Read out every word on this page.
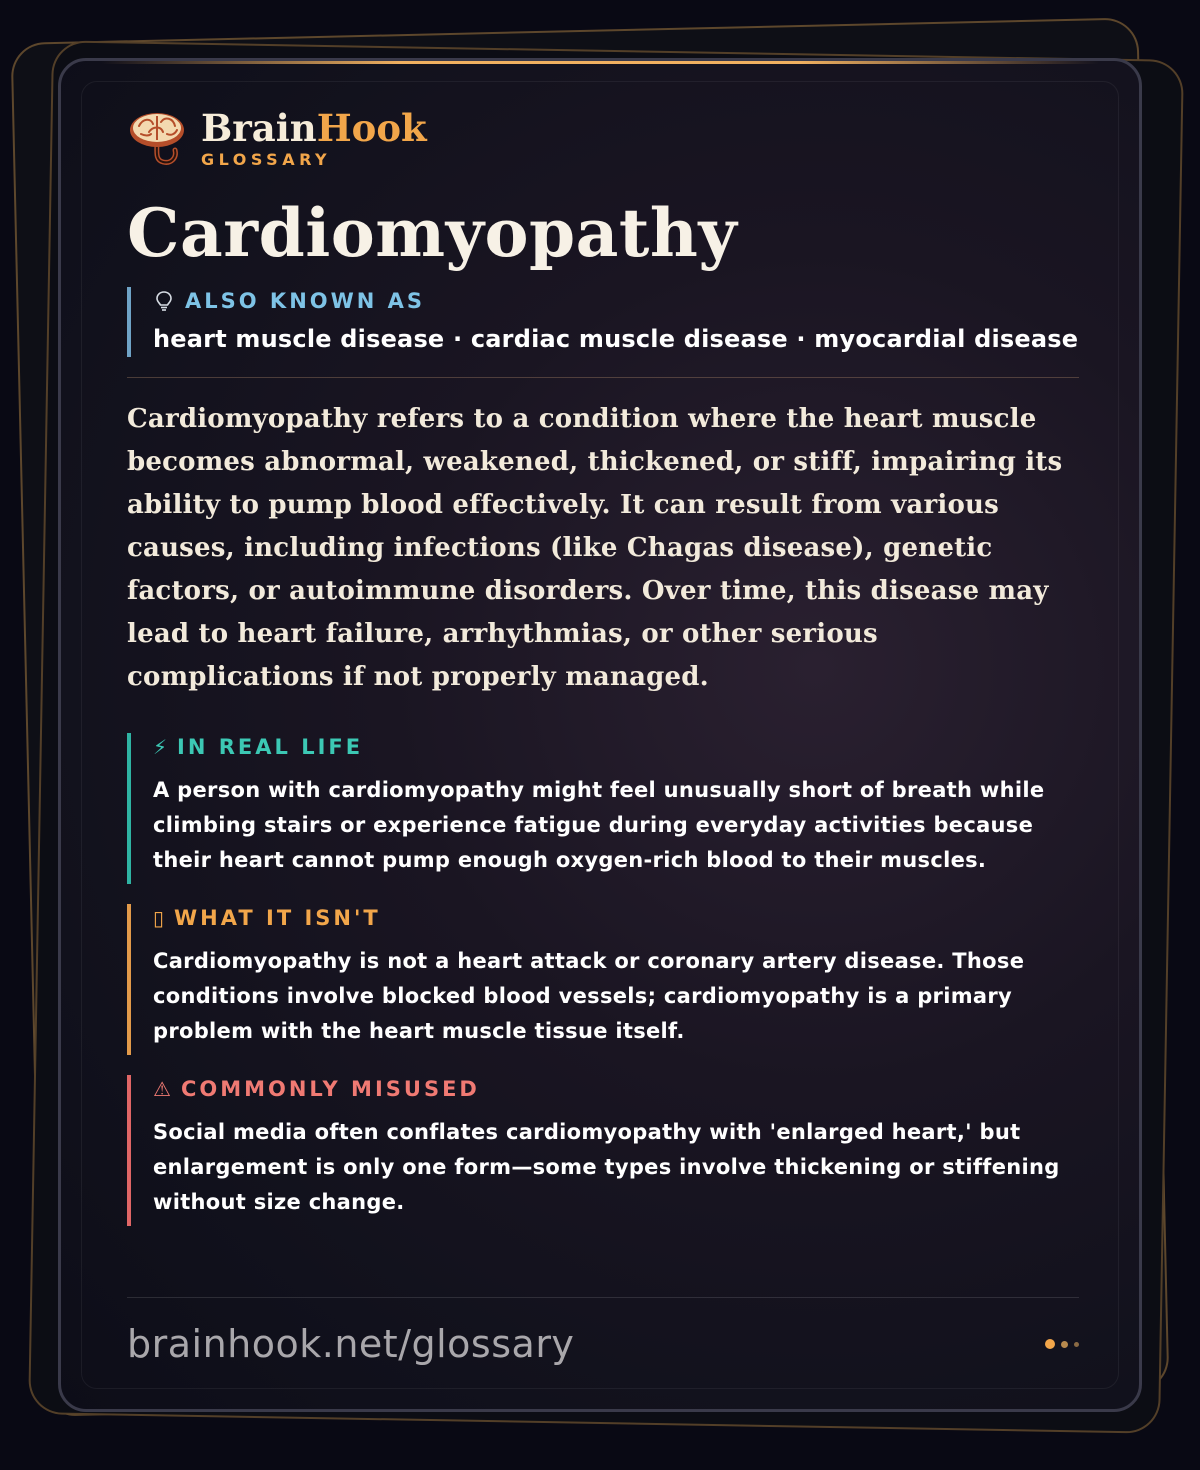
BrainHook
GLOSSARY
Cardiomyopathy
ALSO KNOWN AS
heart muscle disease · cardiac muscle disease · myocardial disease
Cardiomyopathy refers to a condition where the heart muscle becomes abnormal, weakened, thickened, or stiff, impairing its ability to pump blood effectively. It can result from various causes, including infections (like Chagas disease), genetic factors, or autoimmune disorders. Over time, this disease may lead to heart failure, arrhythmias, or other serious complications if not properly managed.
⚡ IN REAL LIFE
A person with cardiomyopathy might feel unusually short of breath while climbing stairs or experience fatigue during everyday activities because their heart cannot pump enough oxygen-rich blood to their muscles.
▯ WHAT IT ISN'T
Cardiomyopathy is not a heart attack or coronary artery disease. Those conditions involve blocked blood vessels; cardiomyopathy is a primary problem with the heart muscle tissue itself.
⚠ COMMONLY MISUSED
Social media often conflates cardiomyopathy with 'enlarged heart,' but enlargement is only one form—some types involve thickening or stiffening without size change.
brainhook.net/glossary
